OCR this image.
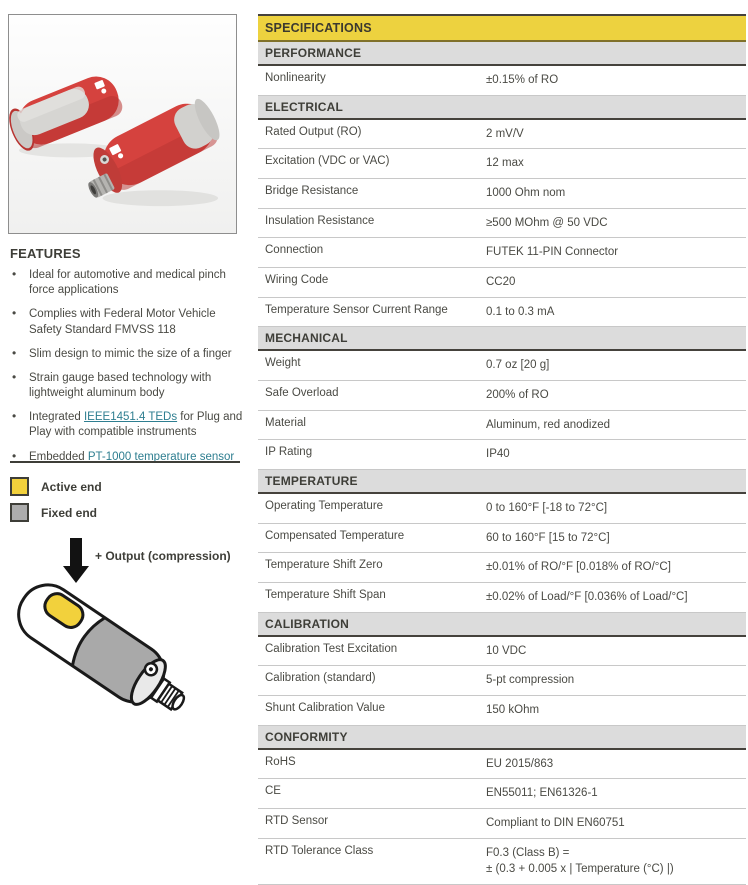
FEATURES
• Ideal for automotive and medical pinch force applications
• Complies with Federal Motor Vehicle Safety Standard FMVSS 118
• Slim design to mimic the size of a finger
• Strain gauge based technology with lightweight aluminum body
• Integrated IEEE1451.4 TEDs for Plug and Play with compatible instruments
• Embedded PT-1000 temperature sensor
Active end
Fixed end
+ Output (compression)
SPECIFICATIONS
PERFORMANCE
Nonlinearity	±0.15% of RO
ELECTRICAL
Rated Output (RO)	2 mV/V
Excitation (VDC or VAC)	12 max
Bridge Resistance	1000 Ohm nom
Insulation Resistance	≥500 MOhm @ 50 VDC
Connection	FUTEK 11-PIN Connector
Wiring Code	CC20
Temperature Sensor Current Range	0.1 to 0.3 mA
MECHANICAL
Weight	0.7 oz [20 g]
Safe Overload	200% of RO
Material	Aluminum, red anodized
IP Rating	IP40
TEMPERATURE
Operating Temperature	0 to 160°F [-18 to 72°C]
Compensated Temperature	60 to 160°F [15 to 72°C]
Temperature Shift Zero	±0.01% of RO/°F [0.018% of RO/°C]
Temperature Shift Span	±0.02% of Load/°F [0.036% of Load/°C]
CALIBRATION
Calibration Test Excitation	10 VDC
Calibration (standard)	5-pt compression
Shunt Calibration Value	150 kOhm
CONFORMITY
RoHS	EU 2015/863
CE	EN55011; EN61326-1
RTD Sensor	Compliant to DIN EN60751
RTD Tolerance Class	F0.3 (Class B) =
± (0.3 + 0.005 x | Temperature (°C) |)
